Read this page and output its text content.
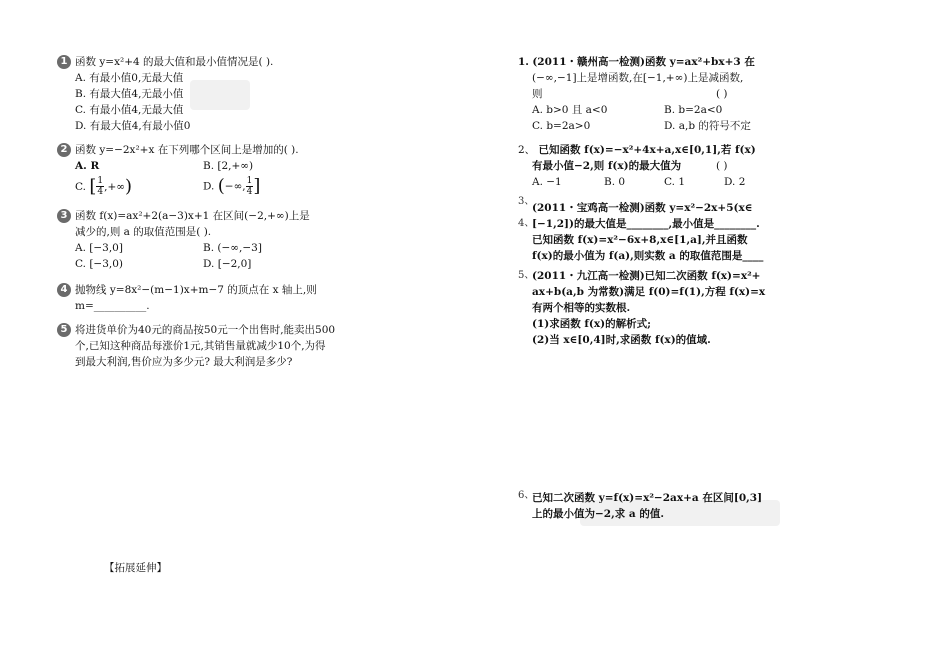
1 函数 y=x²+4 的最大值和最小值情况是( ).
A. 有最小值0,无最大值
B. 有最大值4,无最小值
C. 有最小值4,无最大值
D. 有最大值4,有最小值0
2 函数 y=−2x²+x 在下列哪个区间上是增加的( ).
A. R	B. [2,+∞)
C. [ $\frac{1}{4}$ ,+∞)	D. (−∞, $\frac{1}{4}$ ]
3 函数 f(x)=ax²+2(a−3)x+1 在区间(−2,+∞)上是
减少的,则 a 的取值范围是( ).
A. [−3,0]	B. (−∞,−3]
C. [−3,0)	D. [−2,0]
4 抛物线 y=8x²−(m−1)x+m−7 的顶点在 x 轴上,则
m=__________.
5 将进货单价为40元的商品按50元一个出售时,能卖出500
个,已知这种商品每涨价1元,其销售量就减少10个,为得
到最大利润,售价应为多少元? 最大利润是多少?
【拓展延伸】
1. (2011・赣州高一检测)函数 y=ax²+bx+3 在
(−∞,−1]上是增函数,在[−1,+∞)上是减函数,
则	( )
A. b>0 且 a<0	B. b=2a<0
C. b=2a>0	D. a,b 的符号不定
2、 已知函数 f(x)=−x²+4x+a,x∈[0,1],若 f(x)
有最小值−2,则 f(x)的最大值为	( )
A. −1	B. 0	C. 1	D. 2
3、
(2011・宝鸡高一检测)函数 y=x²−2x+5(x∈
4、
[−1,2])的最大值是________,最小值是________.
已知函数 f(x)=x²−6x+8,x∈[1,a],并且函数
f(x)的最小值为 f(a),则实数 a 的取值范围是____
5、
(2011・九江高一检测)已知二次函数 f(x)=x²+
ax+b(a,b 为常数)满足 f(0)=f(1),方程 f(x)=x
有两个相等的实数根.
(1)求函数 f(x)的解析式;
(2)当 x∈[0,4]时,求函数 f(x)的值域.
6、
已知二次函数 y=f(x)=x²−2ax+a 在区间[0,3]
上的最小值为−2,求 a 的值.
